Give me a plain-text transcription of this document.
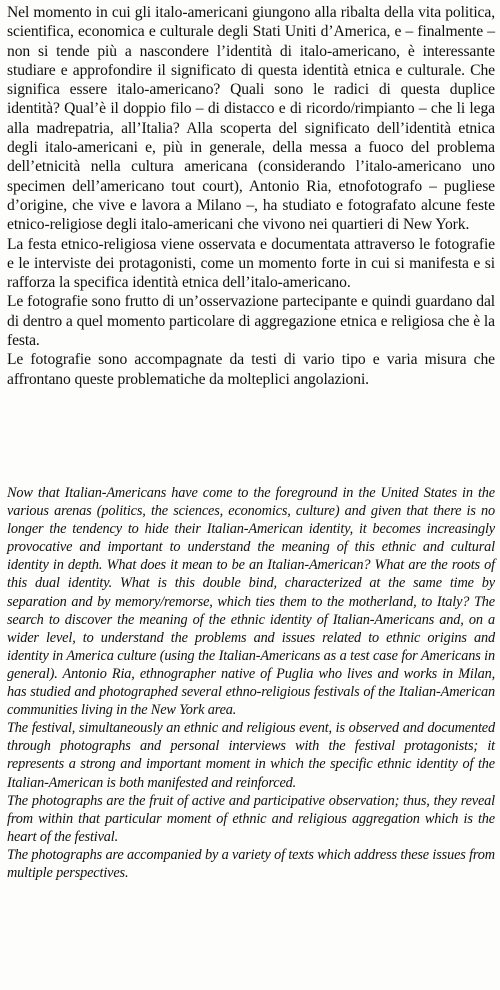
Nel momento in cui gli italo-americani giungono alla ribalta della vita politica, scientifica, economica e culturale degli Stati Uniti d’America, e – finalmente – non si tende più a nascondere l’identità di italo-americano, è interessante studiare e approfondire il significato di questa identità etnica e culturale. Che significa essere italo-americano? Quali sono le radici di questa duplice identità? Qual’è il doppio filo – di distacco e di ricordo/rimpianto – che li lega alla madrepatria, all’Italia? Alla scoperta del significato dell’identità etnica degli italo-americani e, più in generale, della messa a fuoco del problema dell’etnicità nella cultura americana (considerando l’italo-americano uno specimen dell’americano tout court), Antonio Ria, etnofotografo – pugliese d’origine, che vive e lavora a Milano –, ha studiato e fotografato alcune feste etnico-religiose degli italo-americani che vivono nei quartieri di New York.

La festa etnico-religiosa viene osservata e documentata attraverso le fotografie e le interviste dei protagonisti, come un momento forte in cui si manifesta e si rafforza la specifica identità etnica dell’italo-americano.

Le fotografie sono frutto di un’osservazione partecipante e quindi guardano dal di dentro a quel momento particolare di aggregazione etnica e religiosa che è la festa.

Le fotografie sono accompagnate da testi di vario tipo e varia misura che affrontano queste problematiche da molteplici angolazioni.

Now that Italian-Americans have come to the foreground in the United States in the various arenas (politics, the sciences, economics, culture) and given that there is no longer the tendency to hide their Italian-American identity, it becomes increasingly provocative and important to understand the meaning of this ethnic and cultural identity in depth. What does it mean to be an Italian-American? What are the roots of this dual identity. What is this double bind, characterized at the same time by separation and by memory/remorse, which ties them to the motherland, to Italy? The search to discover the meaning of the ethnic identity of Italian-Americans and, on a wider level, to understand the problems and issues related to ethnic origins and identity in America culture (using the Italian-Americans as a test case for Americans in general). Antonio Ria, ethnographer native of Puglia who lives and works in Milan, has studied and photographed several ethno-religious festivals of the Italian-American communities living in the New York area.

The festival, simultaneously an ethnic and religious event, is observed and documented through photographs and personal interviews with the festival protagonists; it represents a strong and important moment in which the specific ethnic identity of the Italian-American is both manifested and reinforced.

The photographs are the fruit of active and participative observation; thus, they reveal from within that particular moment of ethnic and religious aggregation which is the heart of the festival.

The photographs are accompanied by a variety of texts which address these issues from multiple perspectives.
